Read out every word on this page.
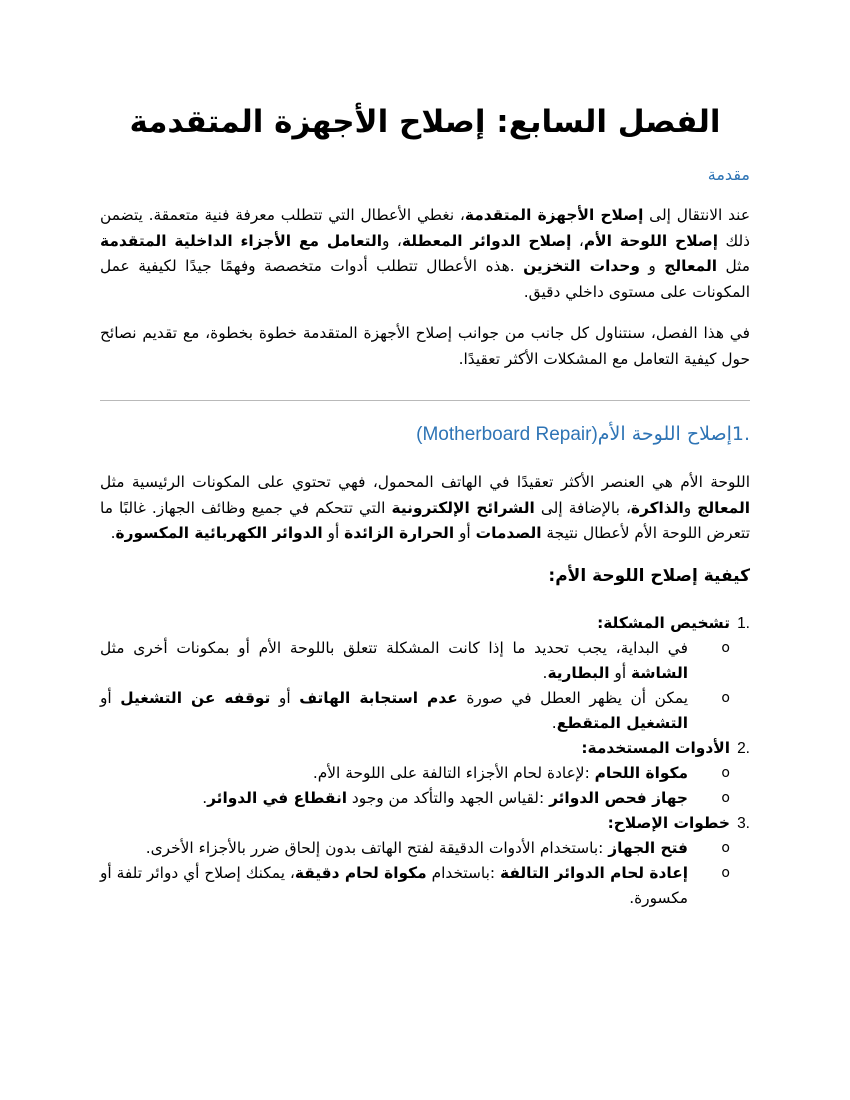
الفصل السابع: إصلاح الأجهزة المتقدمة
مقدمة

عند الانتقال إلى إصلاح الأجهزة المتقدمة، نغطي الأعطال التي تتطلب معرفة فنية متعمقة. يتضمن ذلك إصلاح اللوحة الأم، إصلاح الدوائر المعطلة، والتعامل مع الأجزاء الداخلية المتقدمة مثل المعالج و وحدات التخزين .هذه الأعطال تتطلب أدوات متخصصة وفهمًا جيدًا لكيفية عمل المكونات على مستوى داخلي دقيق.

في هذا الفصل، سنتناول كل جانب من جوانب إصلاح الأجهزة المتقدمة خطوة بخطوة، مع تقديم نصائح حول كيفية التعامل مع المشكلات الأكثر تعقيدًا.

.1إصلاح اللوحة الأم(Motherboard Repair)

اللوحة الأم هي العنصر الأكثر تعقيدًا في الهاتف المحمول، فهي تحتوي على المكونات الرئيسية مثل المعالج والذاكرة، بالإضافة إلى الشرائح الإلكترونية التي تتحكم في جميع وظائف الجهاز. غالبًا ما تتعرض اللوحة الأم لأعطال نتيجة الصدمات أو الحرارة الزائدة أو الدوائر الكهربائية المكسورة.

كيفية إصلاح اللوحة الأم:
1.
تشخيص المشكلة:
o
في البداية، يجب تحديد ما إذا كانت المشكلة تتعلق باللوحة الأم أو بمكونات أخرى مثل الشاشة أو البطارية.
o
يمكن أن يظهر العطل في صورة عدم استجابة الهاتف أو توقفه عن التشغيل أو التشغيل المتقطع.
2.
الأدوات المستخدمة:
o
مكواة اللحام :لإعادة لحام الأجزاء التالفة على اللوحة الأم.
o
جهاز فحص الدوائر :لقياس الجهد والتأكد من وجود انقطاع في الدوائر.
3.
خطوات الإصلاح:
o
فتح الجهاز :باستخدام الأدوات الدقيقة لفتح الهاتف بدون إلحاق ضرر بالأجزاء الأخرى.
o
إعادة لحام الدوائر التالفة :باستخدام مكواة لحام دقيقة، يمكنك إصلاح أي دوائر تلفة أو مكسورة.
